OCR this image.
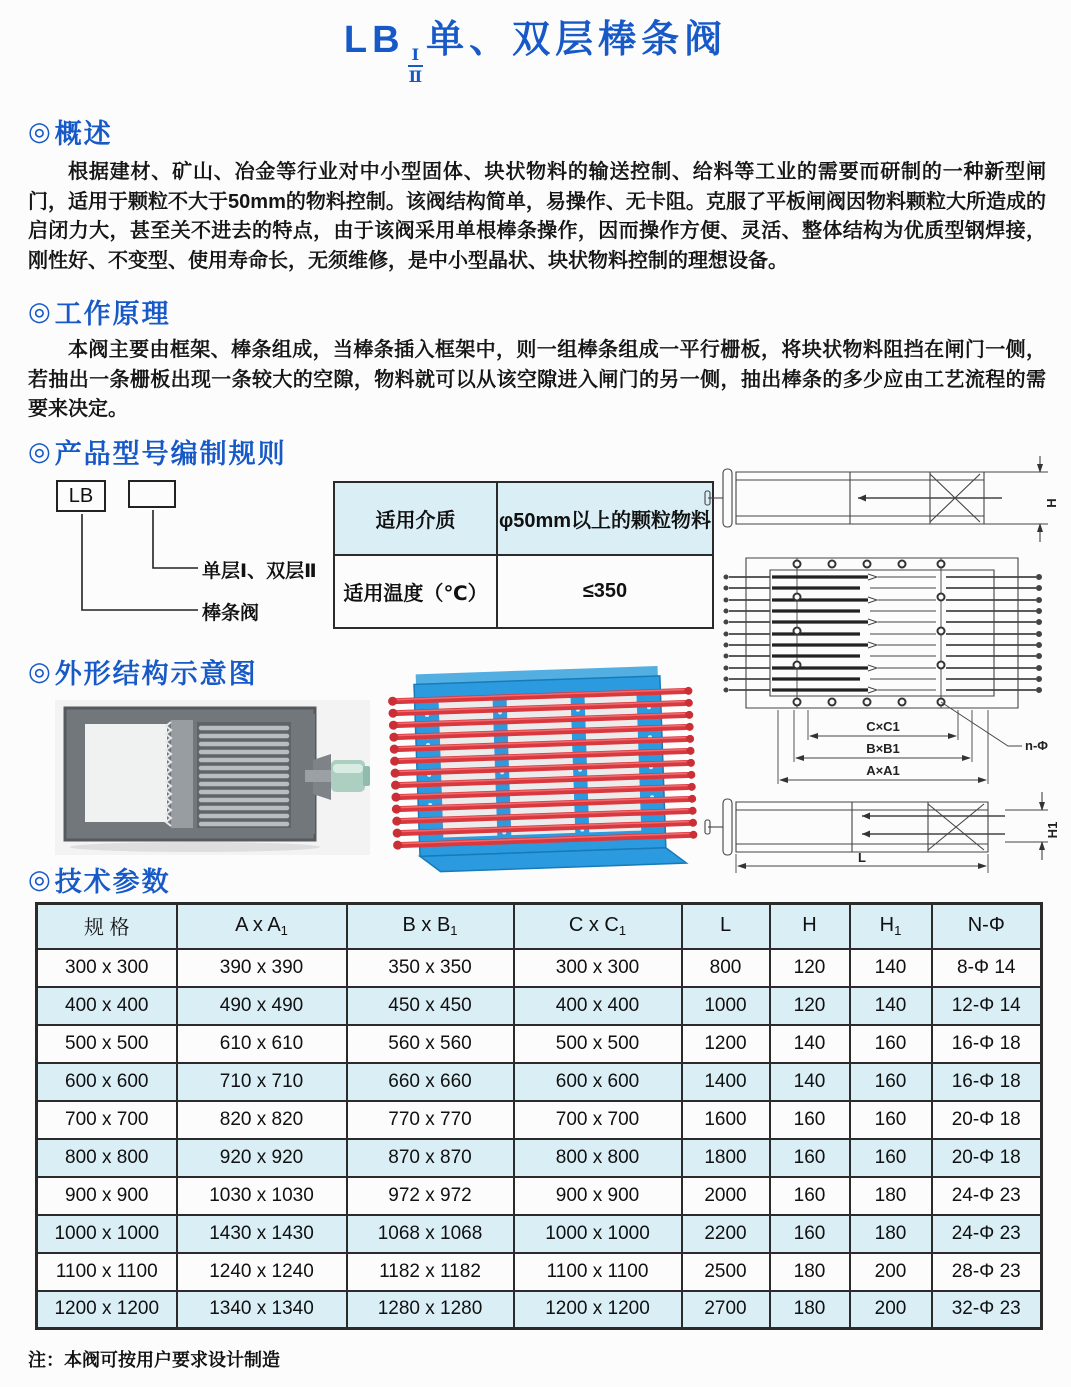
LB
$\frac{\text{Ⅰ}}{\text{Ⅱ}}$
单、双层棒条阀
◎ 概述

根据建材、矿山、冶金等行业对中小型固体、块状物料的输送控制、给料等工业的需要而研制的一种新型闸门，适用于颗粒不大于50mm的物料控制。该阀结构简单，易操作、无卡阻。克服了平板闸阀因物料颗粒大所造成的启闭力大，甚至关不进去的特点，由于该阀采用单根棒条操作，因而操作方便、灵活、整体结构为优质型钢焊接，刚性好、不变型、使用寿命长，无须维修，是中小型晶状、块状物料控制的理想设备。

◎ 工作原理

本阀主要由框架、棒条组成，当棒条插入框架中，则一组棒条组成一平行栅板，将块状物料阻挡在闸门一侧，若抽出一条栅板出现一条较大的空隙，物料就可以从该空隙进入闸门的另一侧，抽出棒条的多少应由工艺流程的需要来决定。

◎ 产品型号编制规则
LB
单层Ⅰ、双层Ⅱ
棒条阀
适用介质	φ50mm以上的颗粒物料
适用温度（℃）	≤350
H
C×C1
B×B1
A×A1
n-Φ
H1
L
◎ 外形结构示意图
◎ 技术参数
规 格	A x $A_1$	B x $B_1$	C x $C_1$	L	H	$H_1$	N-Φ
300 x 300	390 x 390	350 x 350	300 x 300	800	120	140	8-Φ 14
400 x 400	490 x 490	450 x 450	400 x 400	1000	120	140	12-Φ 14
500 x 500	610 x 610	560 x 560	500 x 500	1200	140	160	16-Φ 18
600 x 600	710 x 710	660 x 660	600 x 600	1400	140	160	16-Φ 18
700 x 700	820 x 820	770 x 770	700 x 700	1600	160	160	20-Φ 18
800 x 800	920 x 920	870 x 870	800 x 800	1800	160	160	20-Φ 18
900 x 900	1030 x 1030	972 x 972	900 x 900	2000	160	180	24-Φ 23
1000 x 1000	1430 x 1430	1068 x 1068	1000 x 1000	2200	160	180	24-Φ 23
1100 x 1100	1240 x 1240	1182 x 1182	1100 x 1100	2500	180	200	28-Φ 23
1200 x 1200	1340 x 1340	1280 x 1280	1200 x 1200	2700	180	200	32-Φ 23
注：本阀可按用户要求设计制造
